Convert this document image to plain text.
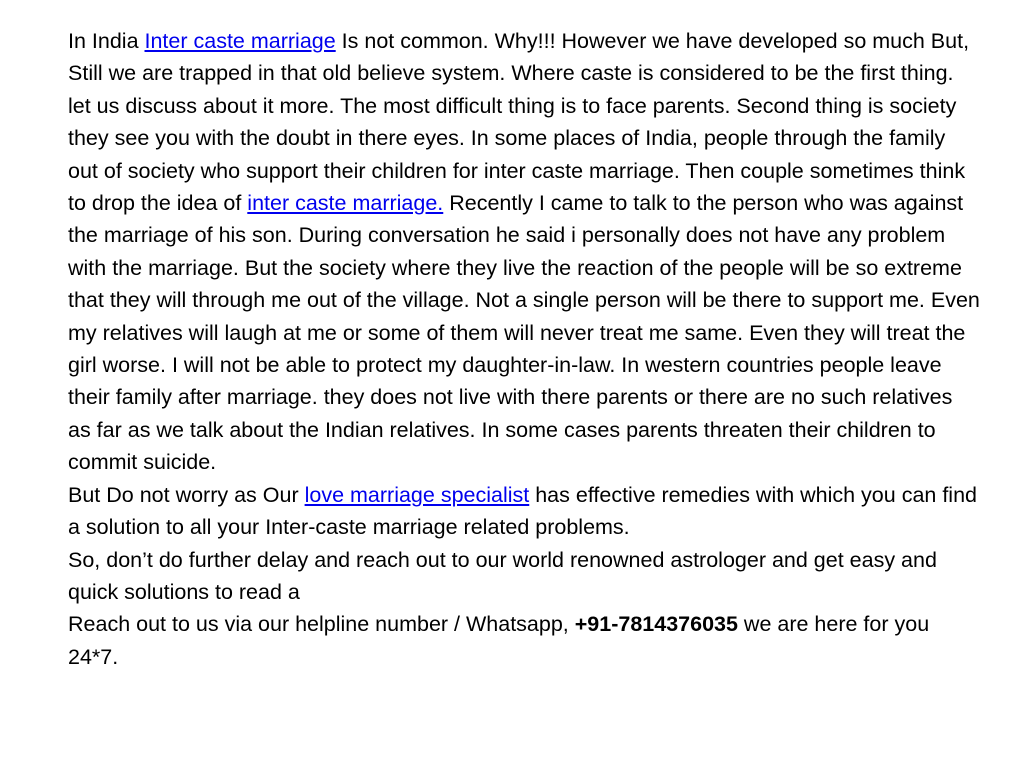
In India Inter caste marriage Is not common. Why!!! However we have developed so much But, Still we are trapped in that old believe system. Where caste is considered to be the first thing. let us discuss about it more. The most difficult thing is to face parents. Second thing is society they see you with the doubt in there eyes. In some places of India, people through the family out of society who support their children for inter caste marriage. Then couple sometimes think to drop the idea of inter caste marriage. Recently I came to talk to the person who was against the marriage of his son. During conversation he said i personally does not have any problem with the marriage. But the society where they live the reaction of the people will be so extreme that they will through me out of the village. Not a single person will be there to support me. Even my relatives will laugh at me or some of them will never treat me same. Even they will treat the girl worse. I will not be able to protect my daughter-in-law. In western countries people leave their family after marriage. they does not live with there parents or there are no such relatives as far as we talk about the Indian relatives. In some cases parents threaten their children to commit suicide.

But Do not worry as Our love marriage specialist has effective remedies with which you can find a solution to all your Inter-caste marriage related problems.

So, don’t do further delay and reach out to our world renowned astrologer and get easy and quick solutions to read a

Reach out to us via our helpline number / Whatsapp, +91-7814376035 we are here for you 24*7.
